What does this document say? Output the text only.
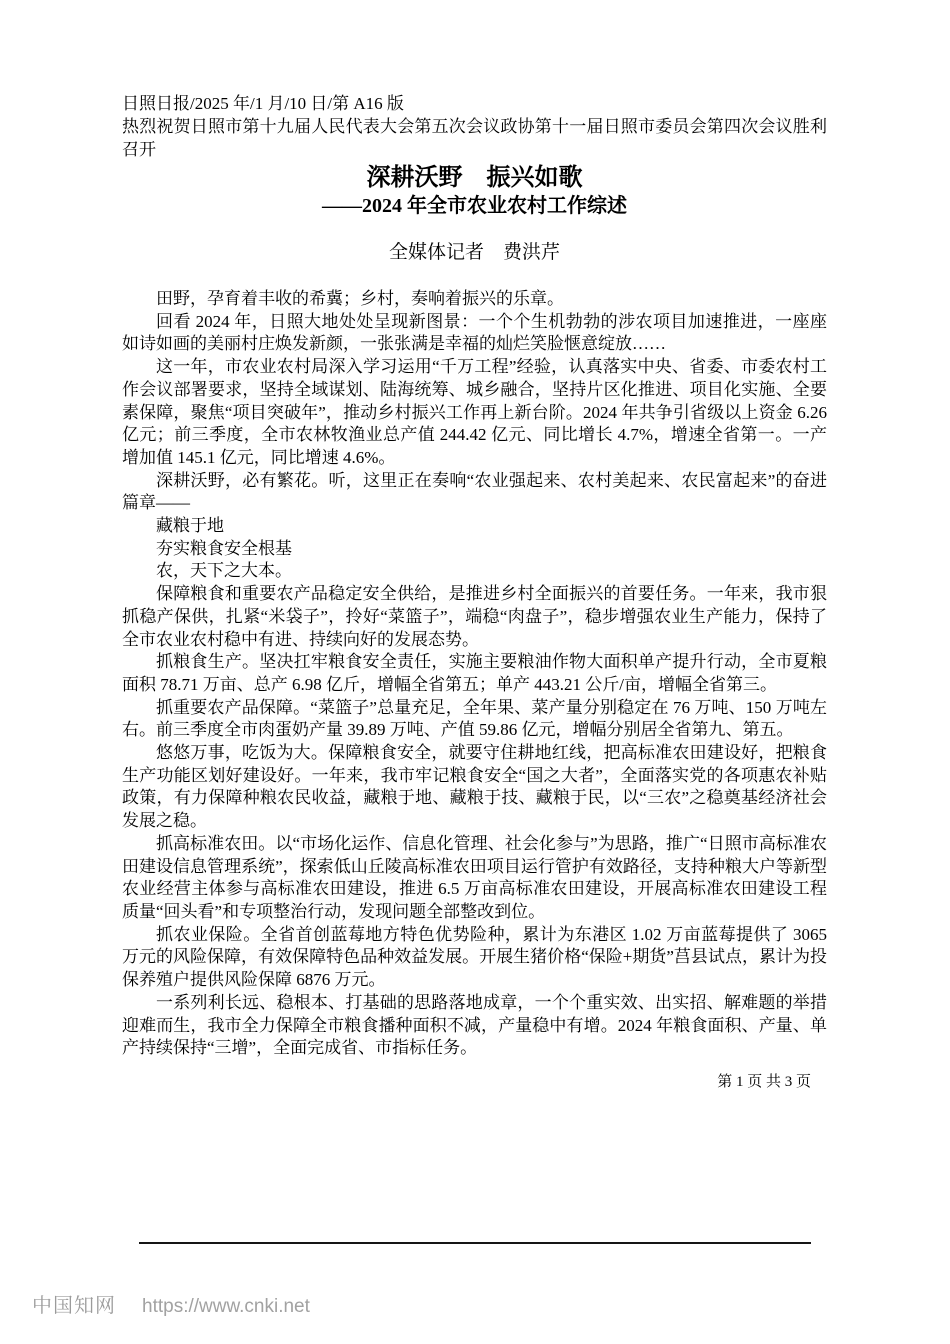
日照日报/2025 年/1 月/10 日/第 A16 版
热烈祝贺日照市第十九届人民代表大会第五次会议政协第十一届日照市委员会第四次会议胜利召开
深耕沃野　振兴如歌
——2024 年全市农业农村工作综述
全媒体记者　费洪芹

田野，孕育着丰收的希冀；乡村，奏响着振兴的乐章。

回看 2024 年，日照大地处处呈现新图景：一个个生机勃勃的涉农项目加速推进，一座座如诗如画的美丽村庄焕发新颜，一张张满是幸福的灿烂笑脸惬意绽放……

这一年，市农业农村局深入学习运用“千万工程”经验，认真落实中央、省委、市委农村工作会议部署要求，坚持全域谋划、陆海统筹、城乡融合，坚持片区化推进、项目化实施、全要素保障，聚焦“项目突破年”，推动乡村振兴工作再上新台阶。2024 年共争引省级以上资金 6.26 亿元；前三季度，全市农林牧渔业总产值 244.42 亿元、同比增长 4.7%，增速全省第一。一产增加值 145.1 亿元，同比增速 4.6%。

深耕沃野，必有繁花。听，这里正在奏响“农业强起来、农村美起来、农民富起来”的奋进篇章——

藏粮于地

夯实粮食安全根基

农，天下之大本。

保障粮食和重要农产品稳定安全供给，是推进乡村全面振兴的首要任务。一年来，我市狠抓稳产保供，扎紧“米袋子”，拎好“菜篮子”，端稳“肉盘子”，稳步增强农业生产能力，保持了全市农业农村稳中有进、持续向好的发展态势。

抓粮食生产。坚决扛牢粮食安全责任，实施主要粮油作物大面积单产提升行动，全市夏粮面积 78.71 万亩、总产 6.98 亿斤，增幅全省第五；单产 443.21 公斤/亩，增幅全省第三。

抓重要农产品保障。“菜篮子”总量充足，全年果、菜产量分别稳定在 76 万吨、150 万吨左右。前三季度全市肉蛋奶产量 39.89 万吨、产值 59.86 亿元，增幅分别居全省第九、第五。

悠悠万事，吃饭为大。保障粮食安全，就要守住耕地红线，把高标准农田建设好，把粮食生产功能区划好建设好。一年来，我市牢记粮食安全“国之大者”，全面落实党的各项惠农补贴政策，有力保障种粮农民收益，藏粮于地、藏粮于技、藏粮于民，以“三农”之稳奠基经济社会发展之稳。

抓高标准农田。以“市场化运作、信息化管理、社会化参与”为思路，推广“日照市高标准农田建设信息管理系统”，探索低山丘陵高标准农田项目运行管护有效路径，支持种粮大户等新型农业经营主体参与高标准农田建设，推进 6.5 万亩高标准农田建设，开展高标准农田建设工程质量“回头看”和专项整治行动，发现问题全部整改到位。

抓农业保险。全省首创蓝莓地方特色优势险种，累计为东港区 1.02 万亩蓝莓提供了 3065 万元的风险保障，有效保障特色品种效益发展。开展生猪价格“保险+期货”莒县试点，累计为投保养殖户提供风险保障 6876 万元。

一系列利长远、稳根本、打基础的思路落地成章，一个个重实效、出实招、解难题的举措迎难而生，我市全力保障全市粮食播种面积不减，产量稳中有增。2024 年粮食面积、产量、单产持续保持“三增”，全面完成省、市指标任务。

第 1 页 共 3 页
中国知网 https://www.cnki.net
